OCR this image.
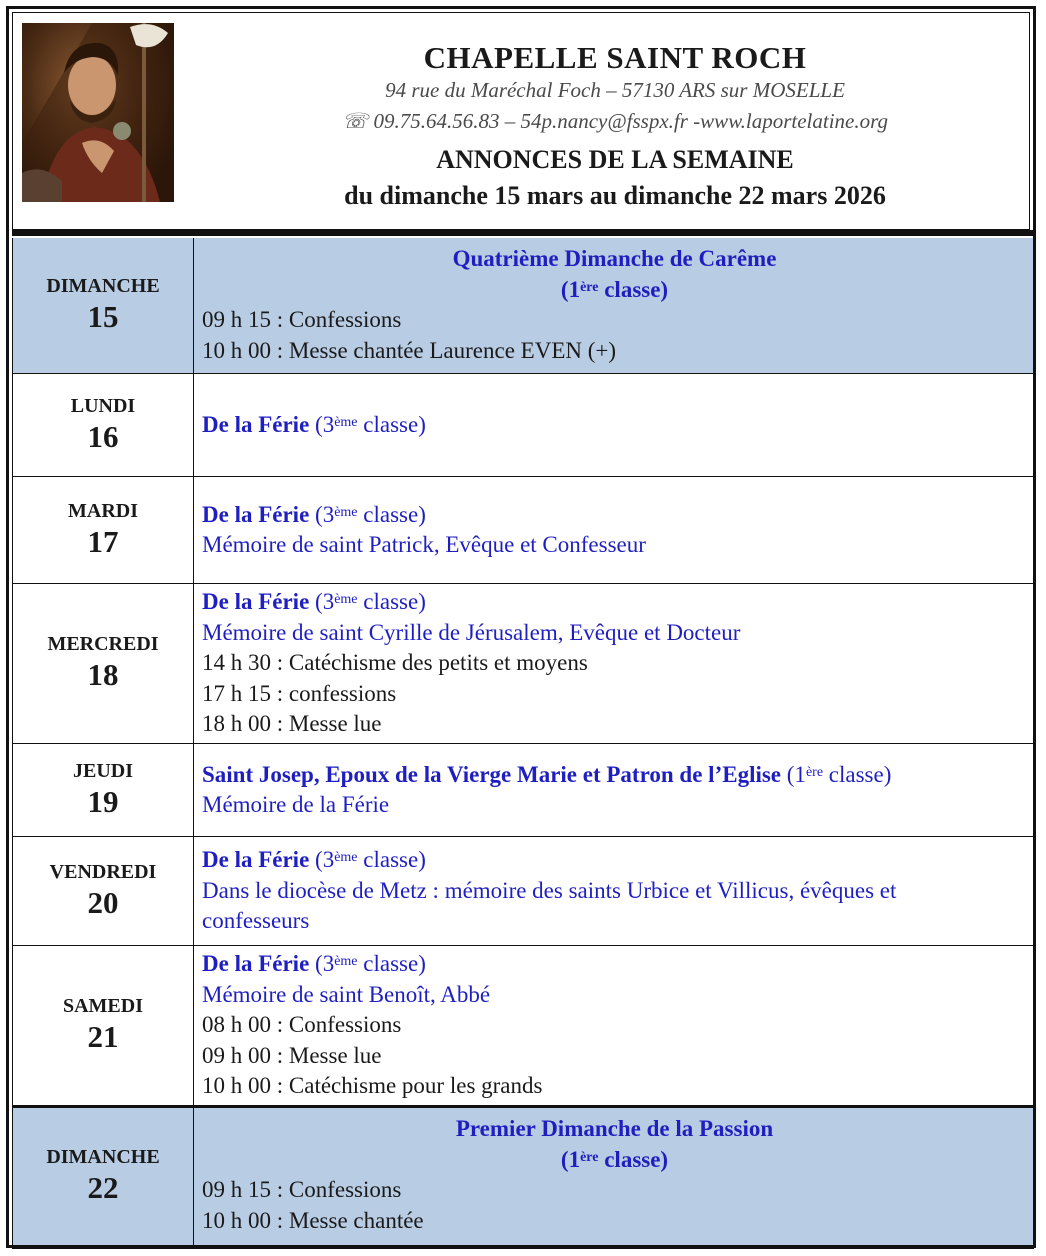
CHAPELLE SAINT ROCH
94 rue du Maréchal Foch – 57130 ARS sur MOSELLE
☏ 09.75.64.56.83 – 54p.nancy@fsspx.fr -www.laportelatine.org
ANNONCES DE LA SEMAINE
du dimanche 15 mars au dimanche 22 mars 2026
DIMANCHE
15
Quatrième Dimanche de Carême
(1ère classe)
09 h 15 : Confessions
10 h 00 : Messe chantée Laurence EVEN (+)
LUNDI
16	De la Férie (3ème classe)
MARDI
17
De la Férie (3ème classe)
Mémoire de saint Patrick, Evêque et Confesseur
MERCREDI
18
De la Férie (3ème classe)
Mémoire de saint Cyrille de Jérusalem, Evêque et Docteur
14 h 30 : Catéchisme des petits et moyens
17 h 15 : confessions
18 h 00 : Messe lue
JEUDI
19
Saint Josep, Epoux de la Vierge Marie et Patron de l’Eglise (1ère classe)
Mémoire de la Férie
VENDREDI
20
De la Férie (3ème classe)
Dans le diocèse de Metz : mémoire des saints Urbice et Villicus, évêques et
confesseurs
SAMEDI
21
De la Férie (3ème classe)
Mémoire de saint Benoît, Abbé
08 h 00 : Confessions
09 h 00 : Messe lue
10 h 00 : Catéchisme pour les grands
DIMANCHE
22
Premier Dimanche de la Passion
(1ère classe)
09 h 15 : Confessions
10 h 00 : Messe chantée
